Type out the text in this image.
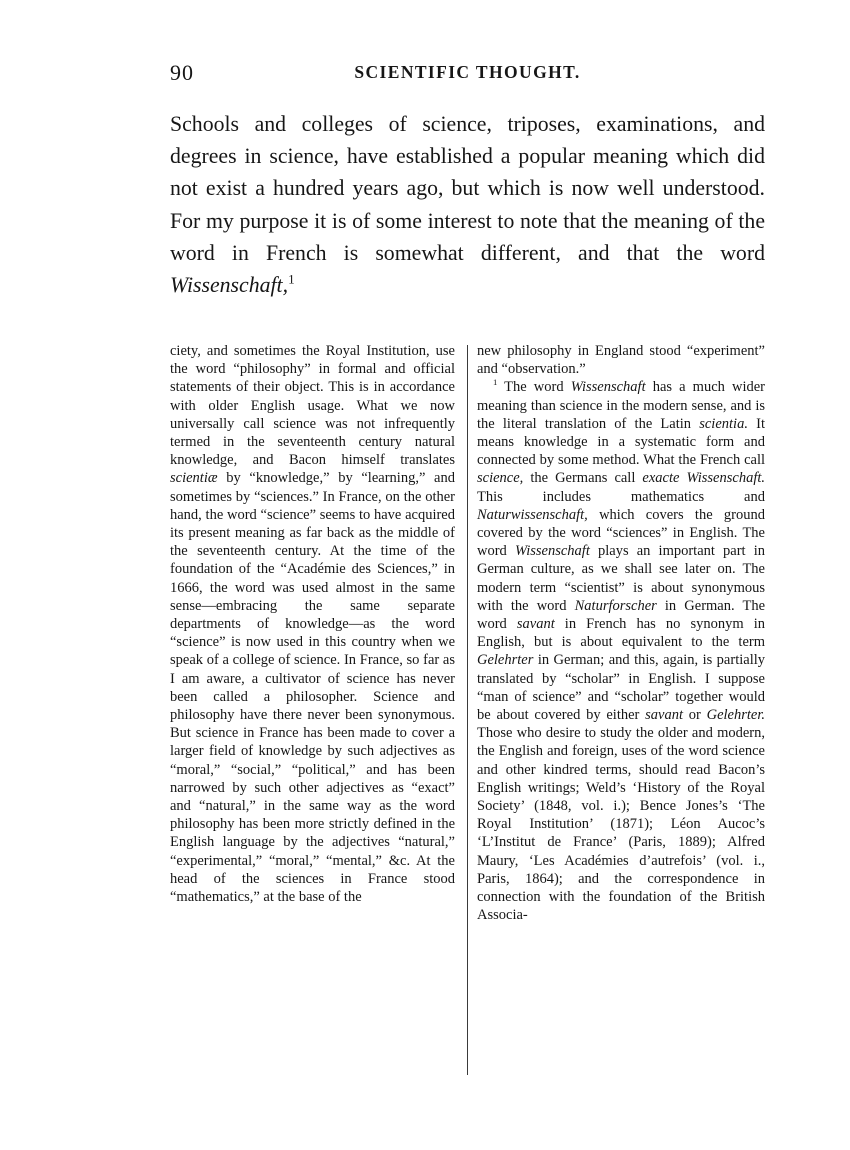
90	SCIENTIFIC THOUGHT.

Schools and colleges of science, triposes, examinations, and degrees in science, have established a popular meaning which did not exist a hundred years ago, but which is now well understood. For my purpose it is of some interest to note that the meaning of the word in French is somewhat different, and that the word Wissenschaft,$^1$

ciety, and sometimes the Royal Institution, use the word “philosophy” in formal and official statements of their object. This is in accordance with older English usage. What we now universally call science was not infrequently termed in the seventeenth century natural knowledge, and Bacon himself translates scientiæ by “knowledge,” by “learning,” and sometimes by “sciences.” In France, on the other hand, the word “science” seems to have acquired its present meaning as far back as the middle of the seventeenth century. At the time of the foundation of the “Académie des Sciences,” in 1666, the word was used almost in the same sense—embracing the same separate departments of knowledge—as the word “science” is now used in this country when we speak of a college of science. In France, so far as I am aware, a cultivator of science has never been called a philosopher. Science and philosophy have there never been synonymous. But science in France has been made to cover a larger field of knowledge by such adjectives as “moral,” “social,” “political,” and has been narrowed by such other adjectives as “exact” and “natural,” in the same way as the word philosophy has been more strictly defined in the English language by the adjectives “natural,” “experimental,” “moral,” “mental,” &c. At the head of the sciences in France stood “mathematics,” at the base of the

new philosophy in England stood “experiment” and “observation.”

$^1$ The word Wissenschaft has a much wider meaning than science in the modern sense, and is the literal translation of the Latin scientia. It means knowledge in a systematic form and connected by some method. What the French call science, the Germans call exacte Wissenschaft. This includes mathematics and Naturwissenschaft, which covers the ground covered by the word “sciences” in English. The word Wissenschaft plays an important part in German culture, as we shall see later on. The modern term “scientist” is about synonymous with the word Naturforscher in German. The word savant in French has no synonym in English, but is about equivalent to the term Gelehrter in German; and this, again, is partially translated by “scholar” in English. I suppose “man of science” and “scholar” together would be about covered by either savant or Gelehrter. Those who desire to study the older and modern, the English and foreign, uses of the word science and other kindred terms, should read Bacon’s English writings; Weld’s ‘History of the Royal Society’ (1848, vol. i.); Bence Jones’s ‘The Royal Institution’ (1871); Léon Aucoc’s ‘L’Institut de France’ (Paris, 1889); Alfred Maury, ‘Les Académies d’autrefois’ (vol. i., Paris, 1864); and the correspondence in connection with the foundation of the British Associa-
